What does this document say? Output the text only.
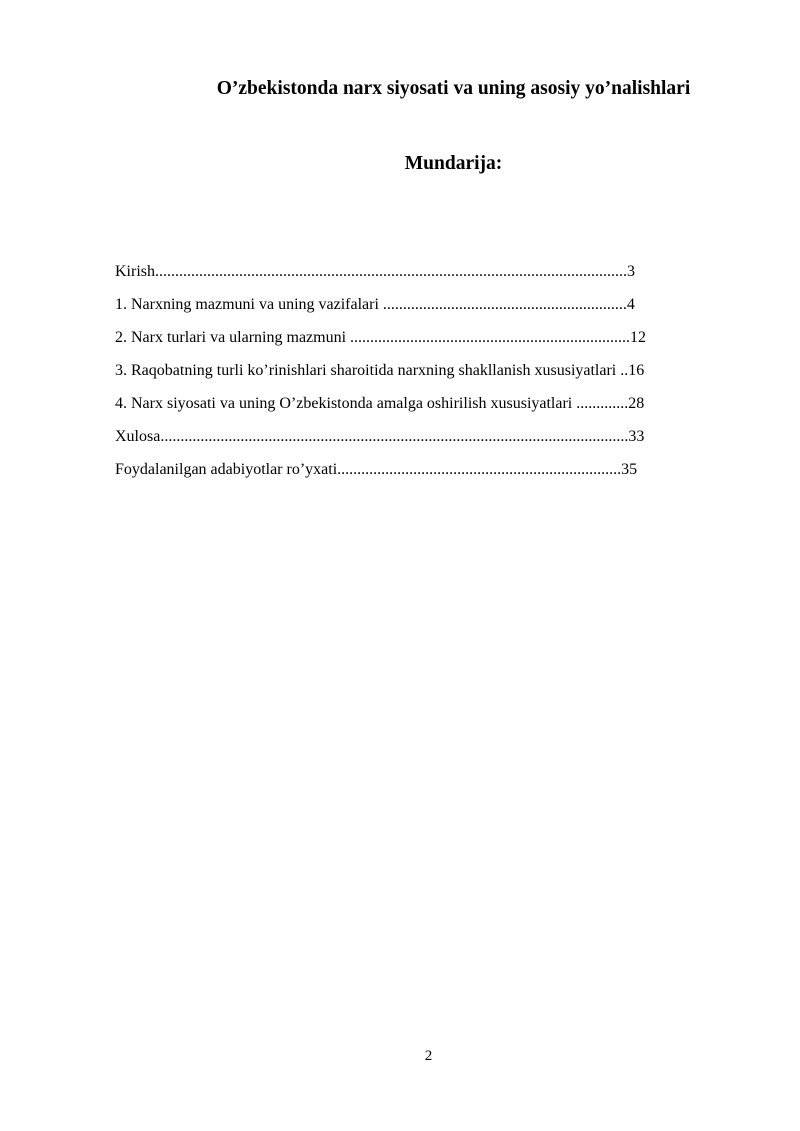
O’zbekistonda narx siyosati va uning asosiy yo’nalishlari
Mundarija:
Kirish......................................................................................................................3
1. Narxning mazmuni va uning vazifalari .............................................................4
2. Narx turlari va ularning mazmuni ......................................................................12
3. Raqobatning turli ko’rinishlari sharoitida narxning shakllanish xususiyatlari ..16
4. Narx siyosati va uning O’zbekistonda amalga oshirilish xususiyatlari .............28
Xulosa.....................................................................................................................33
Foydalanilgan adabiyotlar ro’yxati.......................................................................35
2
